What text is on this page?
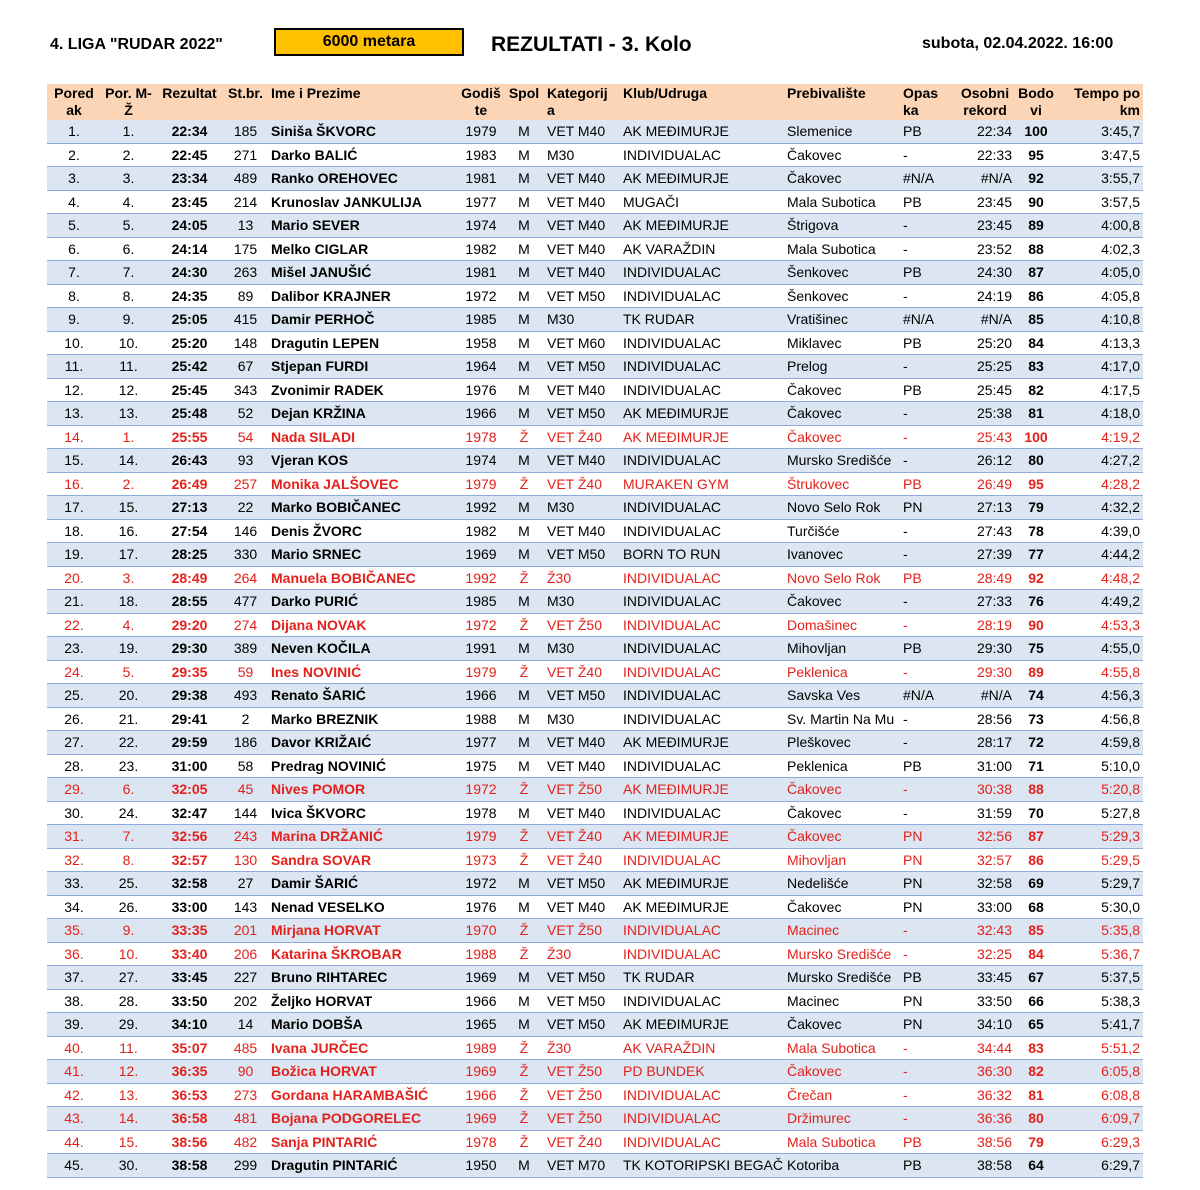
4. LIGA "RUDAR 2022"	6000 metara	REZULTATI - 3. Kolo	subota, 02.04.2022. 16:00
Pored ak	Por. M-Ž	Rezultat	St.br.	Ime i Prezime	Godiš te	Spol	Kategorij a	Klub/Udruga	Prebivalište	Opas ka	Osobni rekord	Bodo vi	Tempo po km
1.	1.	22:34	185	Siniša ŠKVORC	1979	M	VET M40	AK MEĐIMURJE	Slemenice	PB	22:34	100	3:45,7
2.	2.	22:45	271	Darko BALIĆ	1983	M	M30	INDIVIDUALAC	Čakovec	-	22:33	95	3:47,5
3.	3.	23:34	489	Ranko OREHOVEC	1981	M	VET M40	AK MEĐIMURJE	Čakovec	#N/A	#N/A	92	3:55,7
4.	4.	23:45	214	Krunoslav JANKULIJA	1977	M	VET M40	MUGAČI	Mala Subotica	PB	23:45	90	3:57,5
5.	5.	24:05	13	Mario SEVER	1974	M	VET M40	AK MEĐIMURJE	Štrigova	-	23:45	89	4:00,8
6.	6.	24:14	175	Melko CIGLAR	1982	M	VET M40	AK VARAŽDIN	Mala Subotica	-	23:52	88	4:02,3
7.	7.	24:30	263	Mišel JANUŠIĆ	1981	M	VET M40	INDIVIDUALAC	Šenkovec	PB	24:30	87	4:05,0
8.	8.	24:35	89	Dalibor KRAJNER	1972	M	VET M50	INDIVIDUALAC	Šenkovec	-	24:19	86	4:05,8
9.	9.	25:05	415	Damir PERHOČ	1985	M	M30	TK RUDAR	Vratišinec	#N/A	#N/A	85	4:10,8
10.	10.	25:20	148	Dragutin LEPEN	1958	M	VET M60	INDIVIDUALAC	Miklavec	PB	25:20	84	4:13,3
11.	11.	25:42	67	Stjepan FURDI	1964	M	VET M50	INDIVIDUALAC	Prelog	-	25:25	83	4:17,0
12.	12.	25:45	343	Zvonimir RADEK	1976	M	VET M40	INDIVIDUALAC	Čakovec	PB	25:45	82	4:17,5
13.	13.	25:48	52	Dejan KRŽINA	1966	M	VET M50	AK MEĐIMURJE	Čakovec	-	25:38	81	4:18,0
14.	1.	25:55	54	Nada SILADI	1978	Ž	VET Ž40	AK MEĐIMURJE	Čakovec	-	25:43	100	4:19,2
15.	14.	26:43	93	Vjeran KOS	1974	M	VET M40	INDIVIDUALAC	Mursko Središće	-	26:12	80	4:27,2
16.	2.	26:49	257	Monika JALŠOVEC	1979	Ž	VET Ž40	MURAKEN GYM	Štrukovec	PB	26:49	95	4:28,2
17.	15.	27:13	22	Marko BOBIČANEC	1992	M	M30	INDIVIDUALAC	Novo Selo Rok	PN	27:13	79	4:32,2
18.	16.	27:54	146	Denis ŽVORC	1982	M	VET M40	INDIVIDUALAC	Turčišće	-	27:43	78	4:39,0
19.	17.	28:25	330	Mario SRNEC	1969	M	VET M50	BORN TO RUN	Ivanovec	-	27:39	77	4:44,2
20.	3.	28:49	264	Manuela BOBIČANEC	1992	Ž	Ž30	INDIVIDUALAC	Novo Selo Rok	PB	28:49	92	4:48,2
21.	18.	28:55	477	Darko PURIĆ	1985	M	M30	INDIVIDUALAC	Čakovec	-	27:33	76	4:49,2
22.	4.	29:20	274	Dijana NOVAK	1972	Ž	VET Ž50	INDIVIDUALAC	Domašinec	-	28:19	90	4:53,3
23.	19.	29:30	389	Neven KOČILA	1991	M	M30	INDIVIDUALAC	Mihovljan	PB	29:30	75	4:55,0
24.	5.	29:35	59	Ines NOVINIĆ	1979	Ž	VET Ž40	INDIVIDUALAC	Peklenica	-	29:30	89	4:55,8
25.	20.	29:38	493	Renato ŠARIĆ	1966	M	VET M50	INDIVIDUALAC	Savska Ves	#N/A	#N/A	74	4:56,3
26.	21.	29:41	2	Marko BREZNIK	1988	M	M30	INDIVIDUALAC	Sv. Martin Na Mu	-	28:56	73	4:56,8
27.	22.	29:59	186	Davor KRIŽAIĆ	1977	M	VET M40	AK MEĐIMURJE	Pleškovec	-	28:17	72	4:59,8
28.	23.	31:00	58	Predrag NOVINIĆ	1975	M	VET M40	INDIVIDUALAC	Peklenica	PB	31:00	71	5:10,0
29.	6.	32:05	45	Nives POMOR	1972	Ž	VET Ž50	AK MEĐIMURJE	Čakovec	-	30:38	88	5:20,8
30.	24.	32:47	144	Ivica ŠKVORC	1978	M	VET M40	INDIVIDUALAC	Čakovec	-	31:59	70	5:27,8
31.	7.	32:56	243	Marina DRŽANIĆ	1979	Ž	VET Ž40	AK MEĐIMURJE	Čakovec	PN	32:56	87	5:29,3
32.	8.	32:57	130	Sandra SOVAR	1973	Ž	VET Ž40	INDIVIDUALAC	Mihovljan	PN	32:57	86	5:29,5
33.	25.	32:58	27	Damir ŠARIĆ	1972	M	VET M50	AK MEĐIMURJE	Nedelišće	PN	32:58	69	5:29,7
34.	26.	33:00	143	Nenad VESELKO	1976	M	VET M40	AK MEĐIMURJE	Čakovec	PN	33:00	68	5:30,0
35.	9.	33:35	201	Mirjana HORVAT	1970	Ž	VET Ž50	INDIVIDUALAC	Macinec	-	32:43	85	5:35,8
36.	10.	33:40	206	Katarina ŠKROBAR	1988	Ž	Ž30	INDIVIDUALAC	Mursko Središće	-	32:25	84	5:36,7
37.	27.	33:45	227	Bruno RIHTAREC	1969	M	VET M50	TK RUDAR	Mursko Središće	PB	33:45	67	5:37,5
38.	28.	33:50	202	Željko HORVAT	1966	M	VET M50	INDIVIDUALAC	Macinec	PN	33:50	66	5:38,3
39.	29.	34:10	14	Mario DOBŠA	1965	M	VET M50	AK MEĐIMURJE	Čakovec	PN	34:10	65	5:41,7
40.	11.	35:07	485	Ivana JURČEC	1989	Ž	Ž30	AK VARAŽDIN	Mala Subotica	-	34:44	83	5:51,2
41.	12.	36:35	90	Božica HORVAT	1969	Ž	VET Ž50	PD BUNDEK	Čakovec	-	36:30	82	6:05,8
42.	13.	36:53	273	Gordana HARAMBAŠIĆ	1966	Ž	VET Ž50	INDIVIDUALAC	Črečan	-	36:32	81	6:08,8
43.	14.	36:58	481	Bojana PODGORELEC	1969	Ž	VET Ž50	INDIVIDUALAC	Držimurec	-	36:36	80	6:09,7
44.	15.	38:56	482	Sanja PINTARIĆ	1978	Ž	VET Ž40	INDIVIDUALAC	Mala Subotica	PB	38:56	79	6:29,3
45.	30.	38:58	299	Dragutin PINTARIĆ	1950	M	VET M70	TK KOTORIPSKI BEGAČ	Kotoriba	PB	38:58	64	6:29,7
